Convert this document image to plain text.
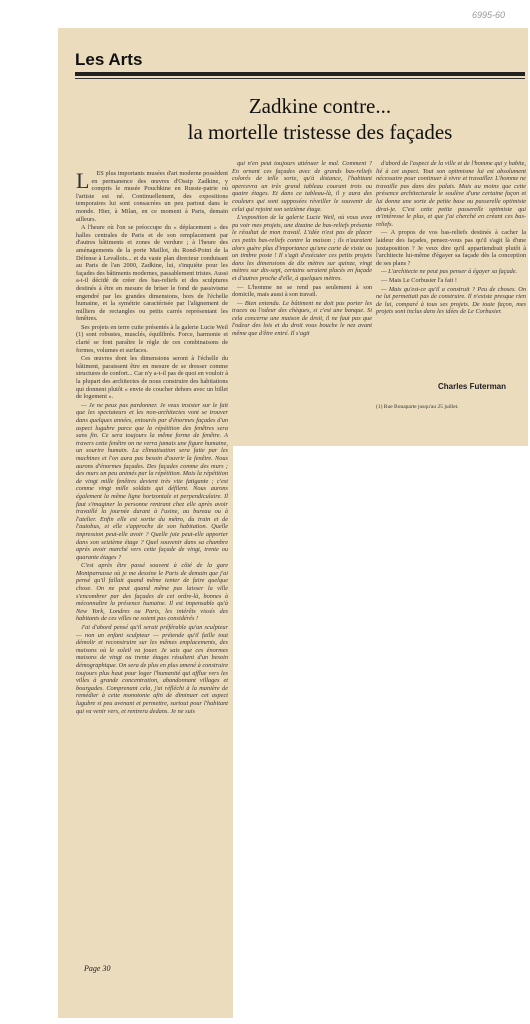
6995-60
Les Arts
Zadkine contre...
la mortelle tristesse des façades
L	ES plus importants musées d'art moderne possèdent en permanence des œuvres d'Ossip Zadkine, y compris le musée Pouchkine en Russie-patrie où l'artiste est né. Continuellement, des expositions temporaires lui sont consacrées un peu partout dans le monde. Hier, à Milan, en ce moment à Paris, demain ailleurs.

A l'heure où l'on se préoccupe du « déplacement » des halles centrales de Paris et de son remplacement par d'autres bâtiments et zones de verdure ; à l'heure des aménagements de la porte Maillot, du Rond-Point de la Défense à Levallois... et du vaste plan directeur conduisant au Paris de l'an 2000, Zadkine, lui, s'inquiète pour les façades des bâtiments modernes, passablement tristes. Aussi a-t-il décidé de créer des bas-reliefs et des sculptures destinés à être en mesure de briser le fond de passivisme engendré par les grandes dimensions, hors de l'échelle humaine, et la symétrie caractérisée par l'alignement de milliers de rectangles ou petits carrés représentant les fenêtres.

Ses projets en terre cuite présentés à la galerie Lucie Weil (1) sont robustes, musclés, équilibrés. Force, harmonie et clarté se font paraître le règle de ces combinaisons de formes, volumes et surfaces.

Ces œuvres dont les dimensions seront à l'échelle du bâtiment, paraissent être en mesure de se dresser comme structures de confort... Car n'y a-t-il pas de quoi en vouloir à la plupart des architectes de nous construire des habitations qui donnent plutôt « envie de coucher dehors avec un billet de logement ».

— Je ne peux pas pardonner. Je veux insister sur le fait que les spectateurs et les non-architectes vont se trouver dans quelques années, entourés par d'énormes façades d'un aspect lugubre parce que la répétition des fenêtres sera sans fin. Ce sera toujours la même forme de fenêtre. A travers cette fenêtre on ne verra jamais une figure humaine, un sourire humain. La climatisation sera faite par les machines et l'on aura pas besoin d'ouvrir la fenêtre. Nous aurons d'énormes façades. Des façades comme des murs ; des murs un peu animés par la répétition. Mais la répétition de vingt mille fenêtres devient très vite fatigante ; c'est comme vingt mille soldats qui défilent. Nous aurons également la même ligne horizontale et perpendiculaire. Il faut s'imaginer la personne rentrant chez elle après avoir travaillé la journée durant à l'usine, au bureau ou à l'atelier. Enfin elle est sortie du métro, du train et de l'autobus, et elle s'approche de son habitation. Quelle impression peut-elle avoir ? Quelle joie peut-elle apporter dans son seizième étage ? Quel souvenir dans sa chambre après avoir marché vers cette façade de vingt, trente ou quarante étages ?

C'est après être passé souvent à côté de la gare Montparnasse où je me dessine le Paris de demain que j'ai pensé qu'il fallait quand même tenter de faire quelque chose. On ne peut quand même pas laisser la ville s'encombrer par des façades de cet ordre-là, bonnes à méconnaître la présence humaine. Il est impensable qu'à New York, Londres ou Paris, les intérêts vissés des habitants de ces villes ne soient pas considérés !

J'ai d'abord pensé qu'il serait préférable qu'un sculpteur — non un enfant sculpteur — prétende qu'il faille tout démolir et reconstruire sur les mêmes emplacements, des maisons où le soleil va jouer. Je sais que ces énormes maisons de vingt ou trente étages résultent d'un besoin démographique. On sera de plus en plus amené à construire toujours plus haut pour loger l'humanité qui afflue vers les villes à grande concentration, abandonnant villages et bourgades. Comprenant cela, j'ai réfléchi à la manière de remédier à cette monotonie afin de diminuer cet aspect lugubre si peu avenant et permettre, surtout pour l'habitant qui va venir vers, et rentrera dedans. Je ne suis

qui n'en peut toujours atténuer le mal. Comment ? En ornant ces façades avec de grands bas-reliefs colorés de telle sorte, qu'à distance, l'habitant apercevra un très grand tableau courant trois ou quatre étages. Et dans ce tableau-là, il y aura des couleurs qui sont supposées réveiller le souvenir de celui qui rejoint son seizième étage.

L'exposition de la galerie Lucie Weil, où vous avez pu voir mes projets, une dizaine de bas-reliefs présente le résultat de mon travail. L'idée n'est pas de placer ces petits bas-reliefs contre la maison ; ils n'auraient alors guère plus d'importance qu'une carte de visite ou un timbre poste ! Il s'agit d'exécuter ces petits projets dans les dimensions de dix mètres sur quinze, vingt mètres sur dix-sept, certains seraient placés en façade et d'autres proche d'elle, à quelques mètres.

— L'homme ne se rend pas seulement à son domicile, mais aussi à son travail.

— Bien entendu. Le bâtiment ne doit pas porter les traces ou l'odeur des chèques, si c'est une banque. Si cela concerne une maison de droit, il ne faut pas que l'odeur des lois et du droit vous bouche le nez avant même que d'être entré. Il s'agit

d'abord de l'aspect de la ville et de l'homme qui y habite, lié à cet aspect. Tout son optimisme lui est absolument nécessaire pour continuer à vivre et travailler. L'homme ne travaille pas dans des palais. Mais au moins que cette présence architecturale le soulève d'une certaine façon et lui donne une sorte de petite base ou passerelle optimiste dirai-je. C'est cette petite passerelle optimiste qui m'intéresse le plus, et que j'ai cherché en créant ces bas-reliefs.

— A propos de vos bas-reliefs destinés à cacher la laideur des façades, pensez-vous pas qu'il s'agit là d'une juxtaposition ? Je veux dire qu'il appartiendrait plutôt à l'architecte lui-même d'égayer sa façade dès la conception de ses plans ?

— L'architecte ne peut pas penser à égayer sa façade.

— Mais Le Corbusier l'a fait !

— Mais qu'est-ce qu'il a construit ? Peu de choses. On ne lui permettait pas de construire. Il n'existe presque rien de lui, comparé à tous ses projets. De toute façon, mes projets sont inclus dans les idées de Le Corbusier.

Charles Futerman
(1) Rue Bonaparte jusqu'au 25 juillet.
Page 30
